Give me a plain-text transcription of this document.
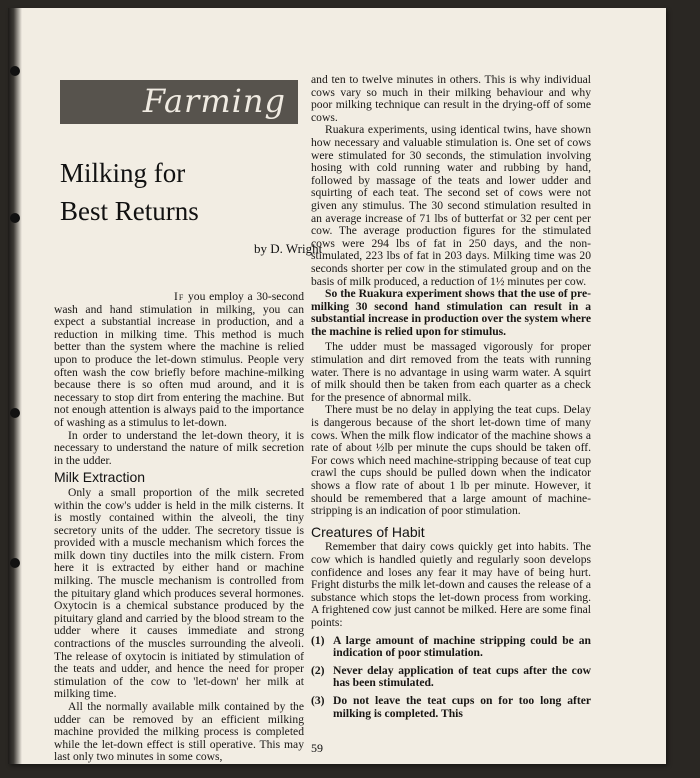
Farming
Milking for
Best Returns
by D. Wright

If you employ a 30-second wash and hand stimulation in milking, you can expect a substantial increase in production, and a reduction in milking time. This method is much better than the system where the machine is relied upon to produce the let-down stimulus. People very often wash the cow briefly before machine-milking because there is so often mud around, and it is necessary to stop dirt from entering the machine. But not enough attention is always paid to the importance of washing as a stimulus to let-down.

In order to understand the let-down theory, it is necessary to understand the nature of milk secretion in the udder.

Milk Extraction

Only a small proportion of the milk secreted within the cow's udder is held in the milk cisterns. It is mostly contained within the alveoli, the tiny secretory units of the udder. The secretory tissue is provided with a muscle mechanism which forces the milk down tiny ductiles into the milk cistern. From here it is extracted by either hand or machine milking. The muscle mechanism is controlled from the pituitary gland which produces several hormones. Oxytocin is a chemical substance produced by the pituitary gland and carried by the blood stream to the udder where it causes immediate and strong contractions of the muscles surrounding the alveoli. The release of oxytocin is initiated by stimulation of the teats and udder, and hence the need for proper stimulation of the cow to 'let-down' her milk at milking time.

All the normally available milk contained by the udder can be removed by an efficient milking machine provided the milking process is completed while the let-down effect is still operative. This may last only two minutes in some cows,

and ten to twelve minutes in others. This is why individual cows vary so much in their milking behaviour and why poor milking technique can result in the drying-off of some cows.

Ruakura experiments, using identical twins, have shown how necessary and valuable stimulation is. One set of cows were stimulated for 30 seconds, the stimulation involving hosing with cold running water and rubbing by hand, followed by massage of the teats and lower udder and squirting of each teat. The second set of cows were not given any stimulus. The 30 second stimulation resulted in an average increase of 71 lbs of butterfat or 32 per cent per cow. The average production figures for the stimulated cows were 294 lbs of fat in 250 days, and the non-stimulated, 223 lbs of fat in 203 days. Milking time was 20 seconds shorter per cow in the stimulated group and on the basis of milk produced, a reduction of 1½ minutes per cow.

So the Ruakura experiment shows that the use of pre-milking 30 second hand stimulation can result in a substantial increase in production over the system where the machine is relied upon for stimulus.

The udder must be massaged vigorously for proper stimulation and dirt removed from the teats with running water. There is no advantage in using warm water. A squirt of milk should then be taken from each quarter as a check for the presence of abnormal milk.

There must be no delay in applying the teat cups. Delay is dangerous because of the short let-down time of many cows. When the milk flow indicator of the machine shows a rate of about ½lb per minute the cups should be taken off. For cows which need machine-stripping because of teat cup crawl the cups should be pulled down when the indicator shows a flow rate of about 1 lb per minute. However, it should be remembered that a large amount of machine-stripping is an indication of poor stimulation.

Creatures of Habit

Remember that dairy cows quickly get into habits. The cow which is handled quietly and regularly soon develops confidence and loses any fear it may have of being hurt. Fright disturbs the milk let-down and causes the release of a substance which stops the let-down process from working. A frightened cow just cannot be milked. Here are some final points:

(1) A large amount of machine stripping could be an indication of poor stimulation.
(2) Never delay application of teat cups after the cow has been stimulated.
(3) Do not leave the teat cups on for too long after milking is completed. This
59
